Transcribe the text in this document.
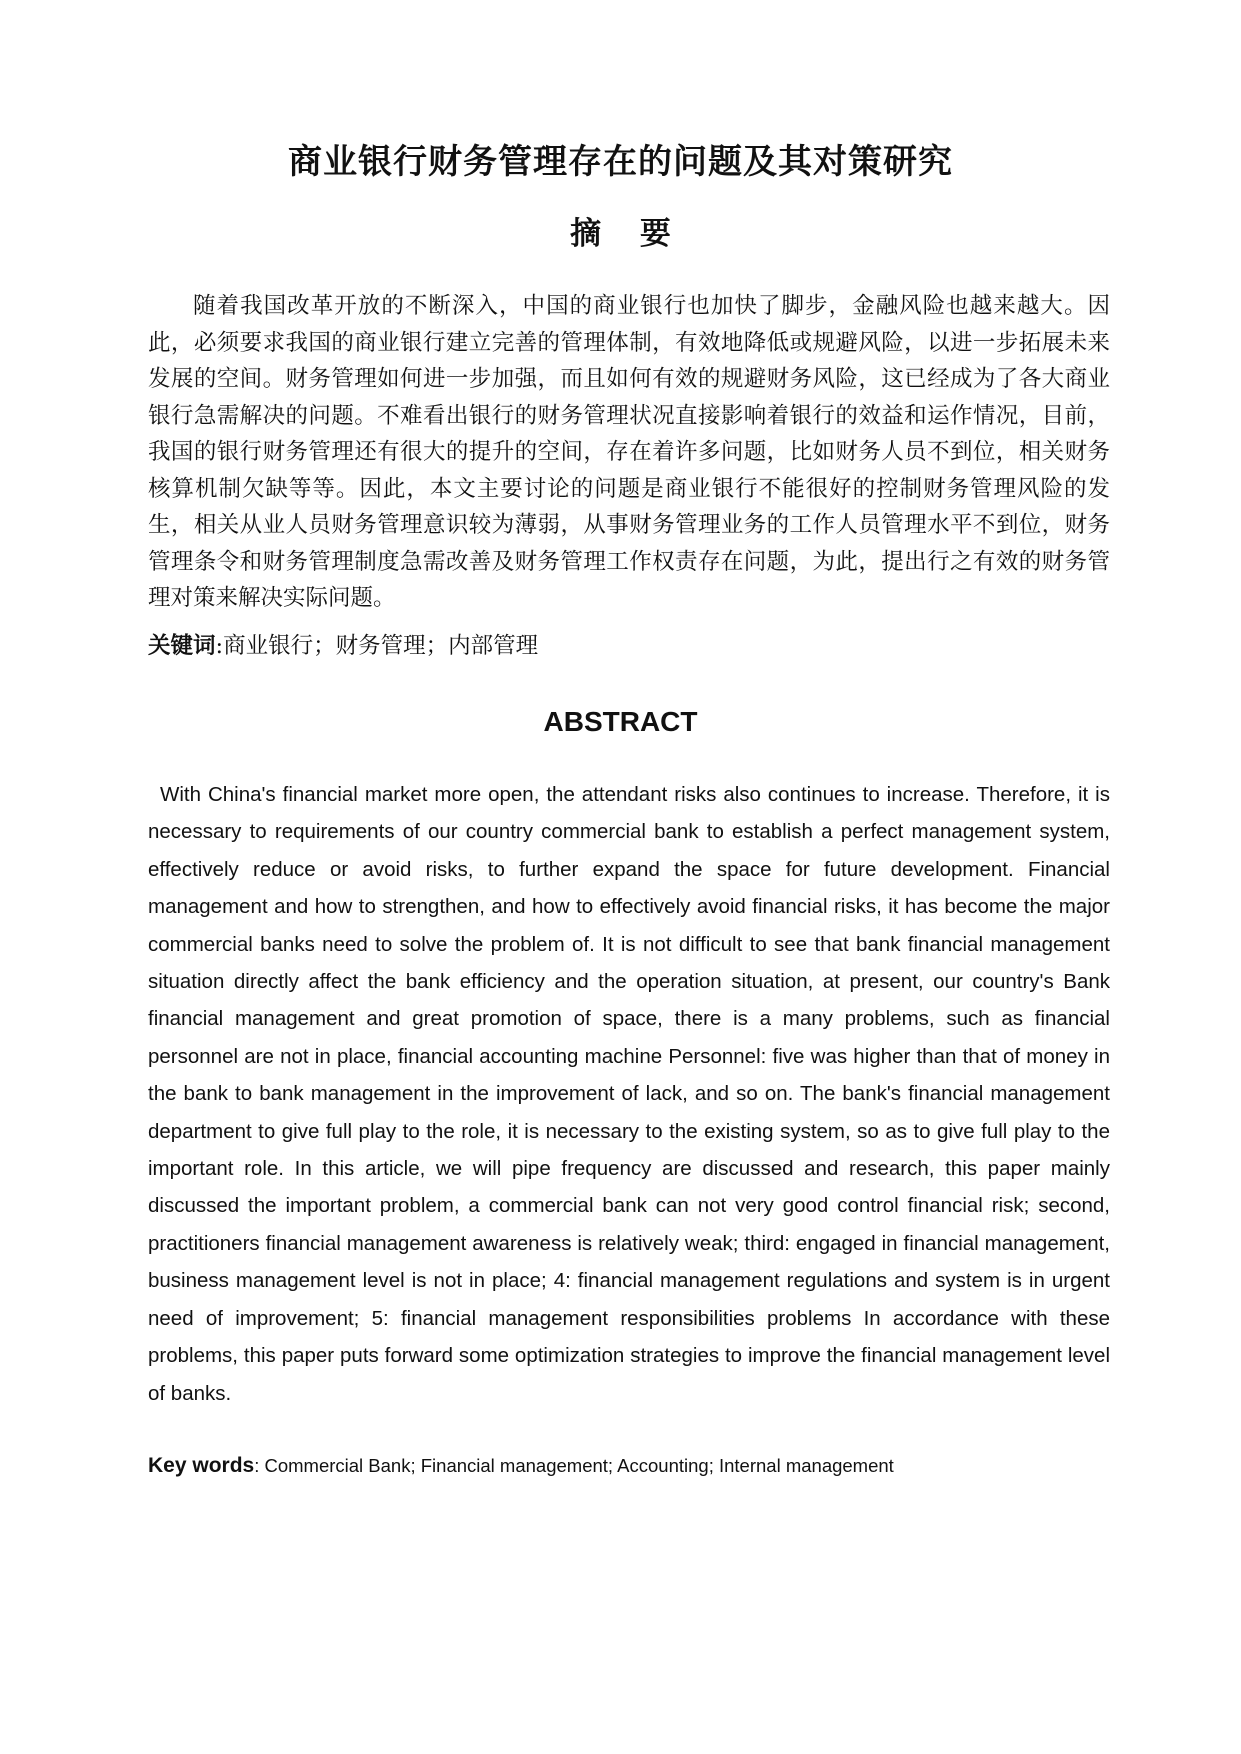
商业银行财务管理存在的问题及其对策研究
摘 要

随着我国改革开放的不断深入，中国的商业银行也加快了脚步，金融风险也越来越大。因此，必须要求我国的商业银行建立完善的管理体制，有效地降低或规避风险，以进一步拓展未来发展的空间。财务管理如何进一步加强，而且如何有效的规避财务风险，这已经成为了各大商业银行急需解决的问题。不难看出银行的财务管理状况直接影响着银行的效益和运作情况，目前，我国的银行财务管理还有很大的提升的空间，存在着许多问题，比如财务人员不到位，相关财务核算机制欠缺等等。因此，本文主要讨论的问题是商业银行不能很好的控制财务管理风险的发生，相关从业人员财务管理意识较为薄弱，从事财务管理业务的工作人员管理水平不到位，财务管理条令和财务管理制度急需改善及财务管理工作权责存在问题，为此，提出行之有效的财务管理对策来解决实际问题。

关键词:商业银行；财务管理；内部管理

ABSTRACT

With China's financial market more open, the attendant risks also continues to increase. Therefore, it is necessary to requirements of our country commercial bank to establish a perfect management system, effectively reduce or avoid risks, to further expand the space for future development. Financial management and how to strengthen, and how to effectively avoid financial risks, it has become the major commercial banks need to solve the problem of. It is not difficult to see that bank financial management situation directly affect the bank efficiency and the operation situation, at present, our country's Bank financial management and great promotion of space, there is a many problems, such as financial personnel are not in place, financial accounting machine Personnel: five was higher than that of money in the bank to bank management in the improvement of lack, and so on. The bank's financial management department to give full play to the role, it is necessary to the existing system, so as to give full play to the important role. In this article, we will pipe frequency are discussed and research, this paper mainly discussed the important problem, a commercial bank can not very good control financial risk; second, practitioners financial management awareness is relatively weak; third: engaged in financial management, business management level is not in place; 4: financial management regulations and system is in urgent need of improvement; 5: financial management responsibilities problems In accordance with these problems, this paper puts forward some optimization strategies to improve the financial management level of banks.

Key words: Commercial Bank; Financial management; Accounting; Internal management
